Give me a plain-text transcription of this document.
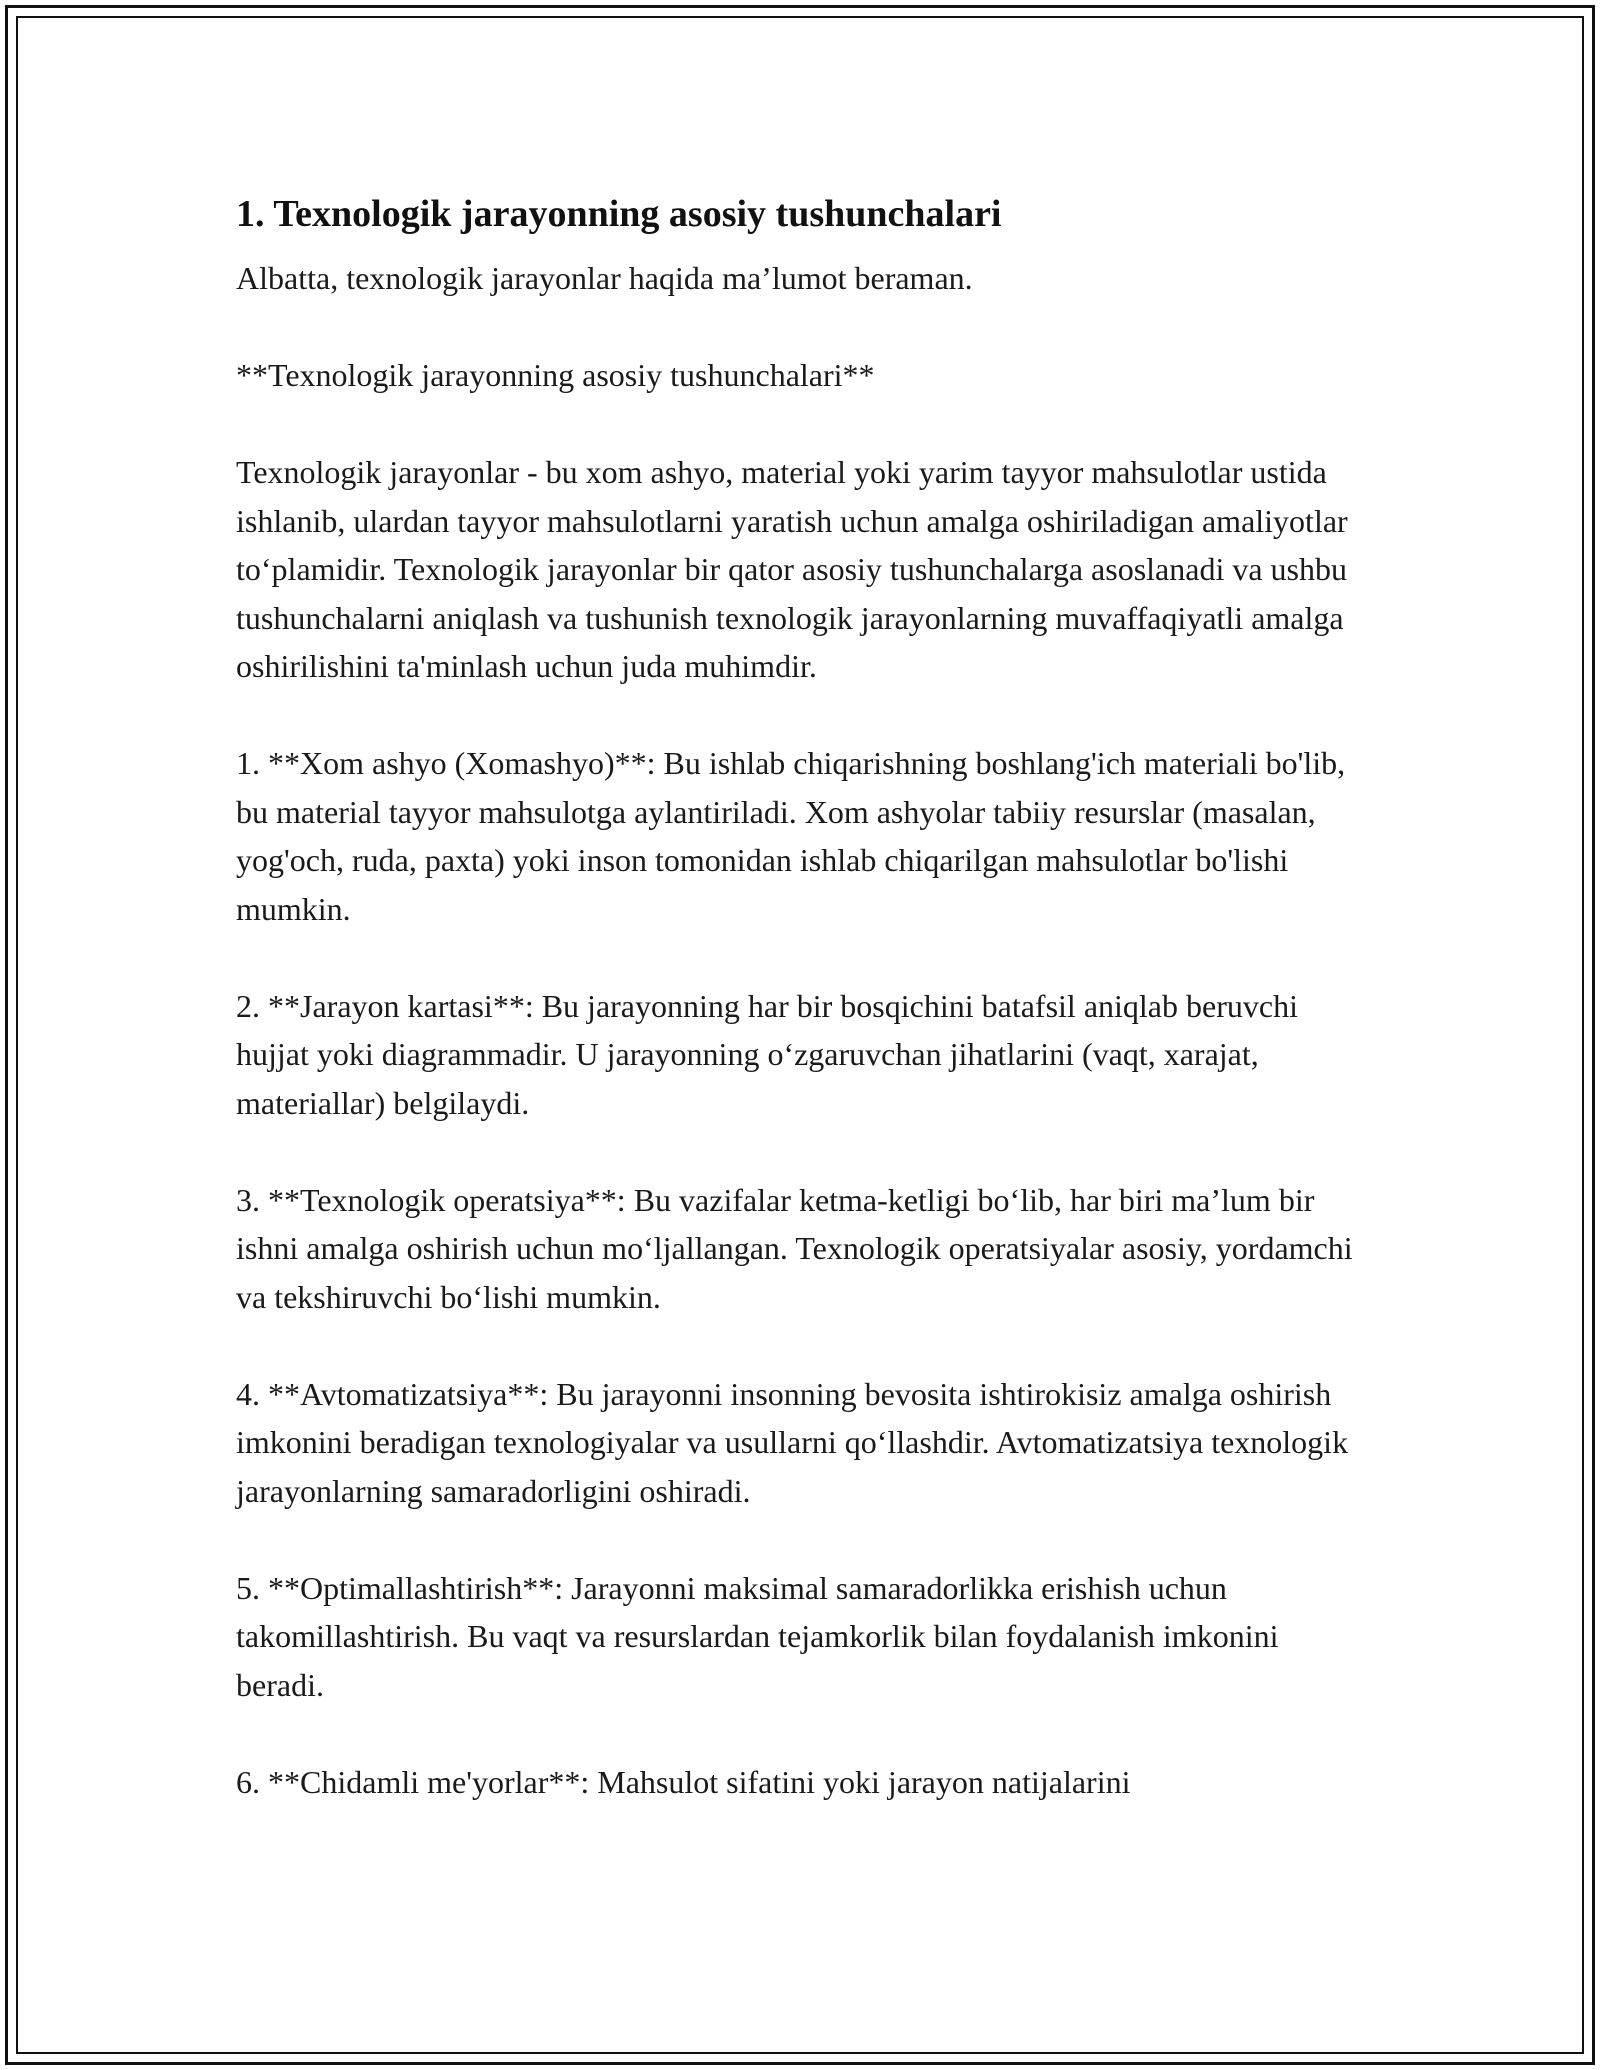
1. Texnologik jarayonning asosiy tushunchalari

Albatta, texnologik jarayonlar haqida ma’lumot beraman.

**Texnologik jarayonning asosiy tushunchalari**

Texnologik jarayonlar - bu xom ashyo, material yoki yarim tayyor mahsulotlar ustida ishlanib, ulardan tayyor mahsulotlarni yaratish uchun amalga oshiriladigan amaliyotlar to‘plamidir. Texnologik jarayonlar bir qator asosiy tushunchalarga asoslanadi va ushbu tushunchalarni aniqlash va tushunish texnologik jarayonlarning muvaffaqiyatli amalga oshirilishini ta'minlash uchun juda muhimdir.

1. **Xom ashyo (Xomashyo)**: Bu ishlab chiqarishning boshlang'ich materiali bo'lib, bu material tayyor mahsulotga aylantiriladi. Xom ashyolar tabiiy resurslar (masalan, yog'och, ruda, paxta) yoki inson tomonidan ishlab chiqarilgan mahsulotlar bo'lishi mumkin.

2. **Jarayon kartasi**: Bu jarayonning har bir bosqichini batafsil aniqlab beruvchi hujjat yoki diagrammadir. U jarayonning o‘zgaruvchan jihatlarini (vaqt, xarajat, materiallar) belgilaydi.

3. **Texnologik operatsiya**: Bu vazifalar ketma-ketligi bo‘lib, har biri ma’lum bir ishni amalga oshirish uchun mo‘ljallangan. Texnologik operatsiyalar asosiy, yordamchi va tekshiruvchi bo‘lishi mumkin.

4. **Avtomatizatsiya**: Bu jarayonni insonning bevosita ishtirokisiz amalga oshirish imkonini beradigan texnologiyalar va usullarni qo‘llashdir. Avtomatizatsiya texnologik jarayonlarning samaradorligini oshiradi.

5. **Optimallashtirish**: Jarayonni maksimal samaradorlikka erishish uchun takomillashtirish. Bu vaqt va resurslardan tejamkorlik bilan foydalanish imkonini beradi.

6. **Chidamli me'yorlar**: Mahsulot sifatini yoki jarayon natijalarini
